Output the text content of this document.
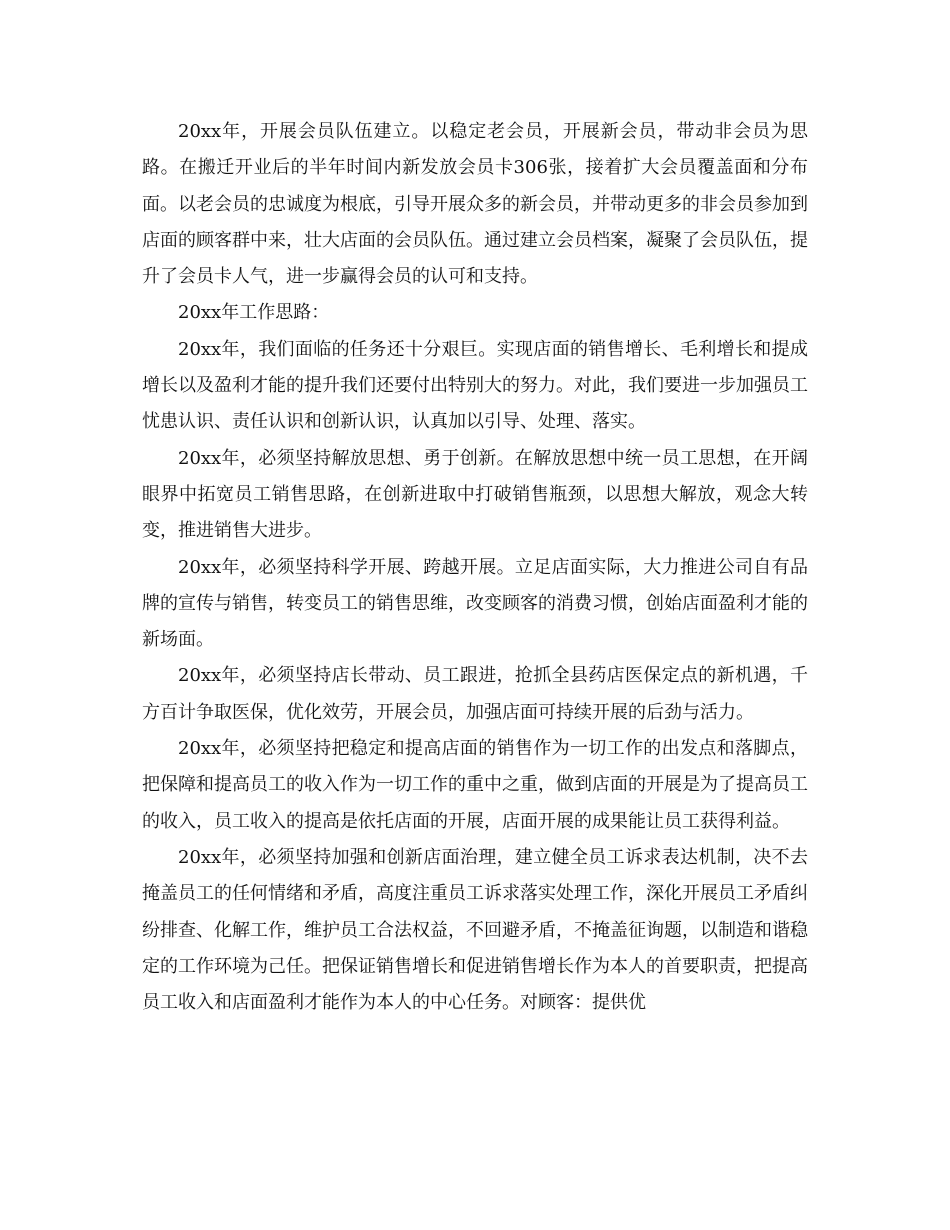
20xx年，开展会员队伍建立。以稳定老会员，开展新会员，带动非会员为思路。在搬迁开业后的半年时间内新发放会员卡306张，接着扩大会员覆盖面和分布面。以老会员的忠诚度为根底，引导开展众多的新会员，并带动更多的非会员参加到店面的顾客群中来，壮大店面的会员队伍。通过建立会员档案，凝聚了会员队伍，提升了会员卡人气，进一步赢得会员的认可和支持。

20xx年工作思路：

20xx年，我们面临的任务还十分艰巨。实现店面的销售增长、毛利增长和提成增长以及盈利才能的提升我们还要付出特别大的努力。对此，我们要进一步加强员工忧患认识、责任认识和创新认识，认真加以引导、处理、落实。

20xx年，必须坚持解放思想、勇于创新。在解放思想中统一员工思想，在开阔眼界中拓宽员工销售思路，在创新进取中打破销售瓶颈，以思想大解放，观念大转变，推进销售大进步。

20xx年，必须坚持科学开展、跨越开展。立足店面实际，大力推进公司自有品牌的宣传与销售，转变员工的销售思维，改变顾客的消费习惯，创始店面盈利才能的新场面。

20xx年，必须坚持店长带动、员工跟进，抢抓全县药店医保定点的新机遇，千方百计争取医保，优化效劳，开展会员，加强店面可持续开展的后劲与活力。

20xx年，必须坚持把稳定和提高店面的销售作为一切工作的出发点和落脚点，把保障和提高员工的收入作为一切工作的重中之重，做到店面的开展是为了提高员工的收入，员工收入的提高是依托店面的开展，店面开展的成果能让员工获得利益。

20xx年，必须坚持加强和创新店面治理，建立健全员工诉求表达机制，决不去掩盖员工的任何情绪和矛盾，高度注重员工诉求落实处理工作，深化开展员工矛盾纠纷排查、化解工作，维护员工合法权益，不回避矛盾，不掩盖征询题，以制造和谐稳定的工作环境为己任。把保证销售增长和促进销售增长作为本人的首要职责，把提高员工收入和店面盈利才能作为本人的中心任务。对顾客：提供优
